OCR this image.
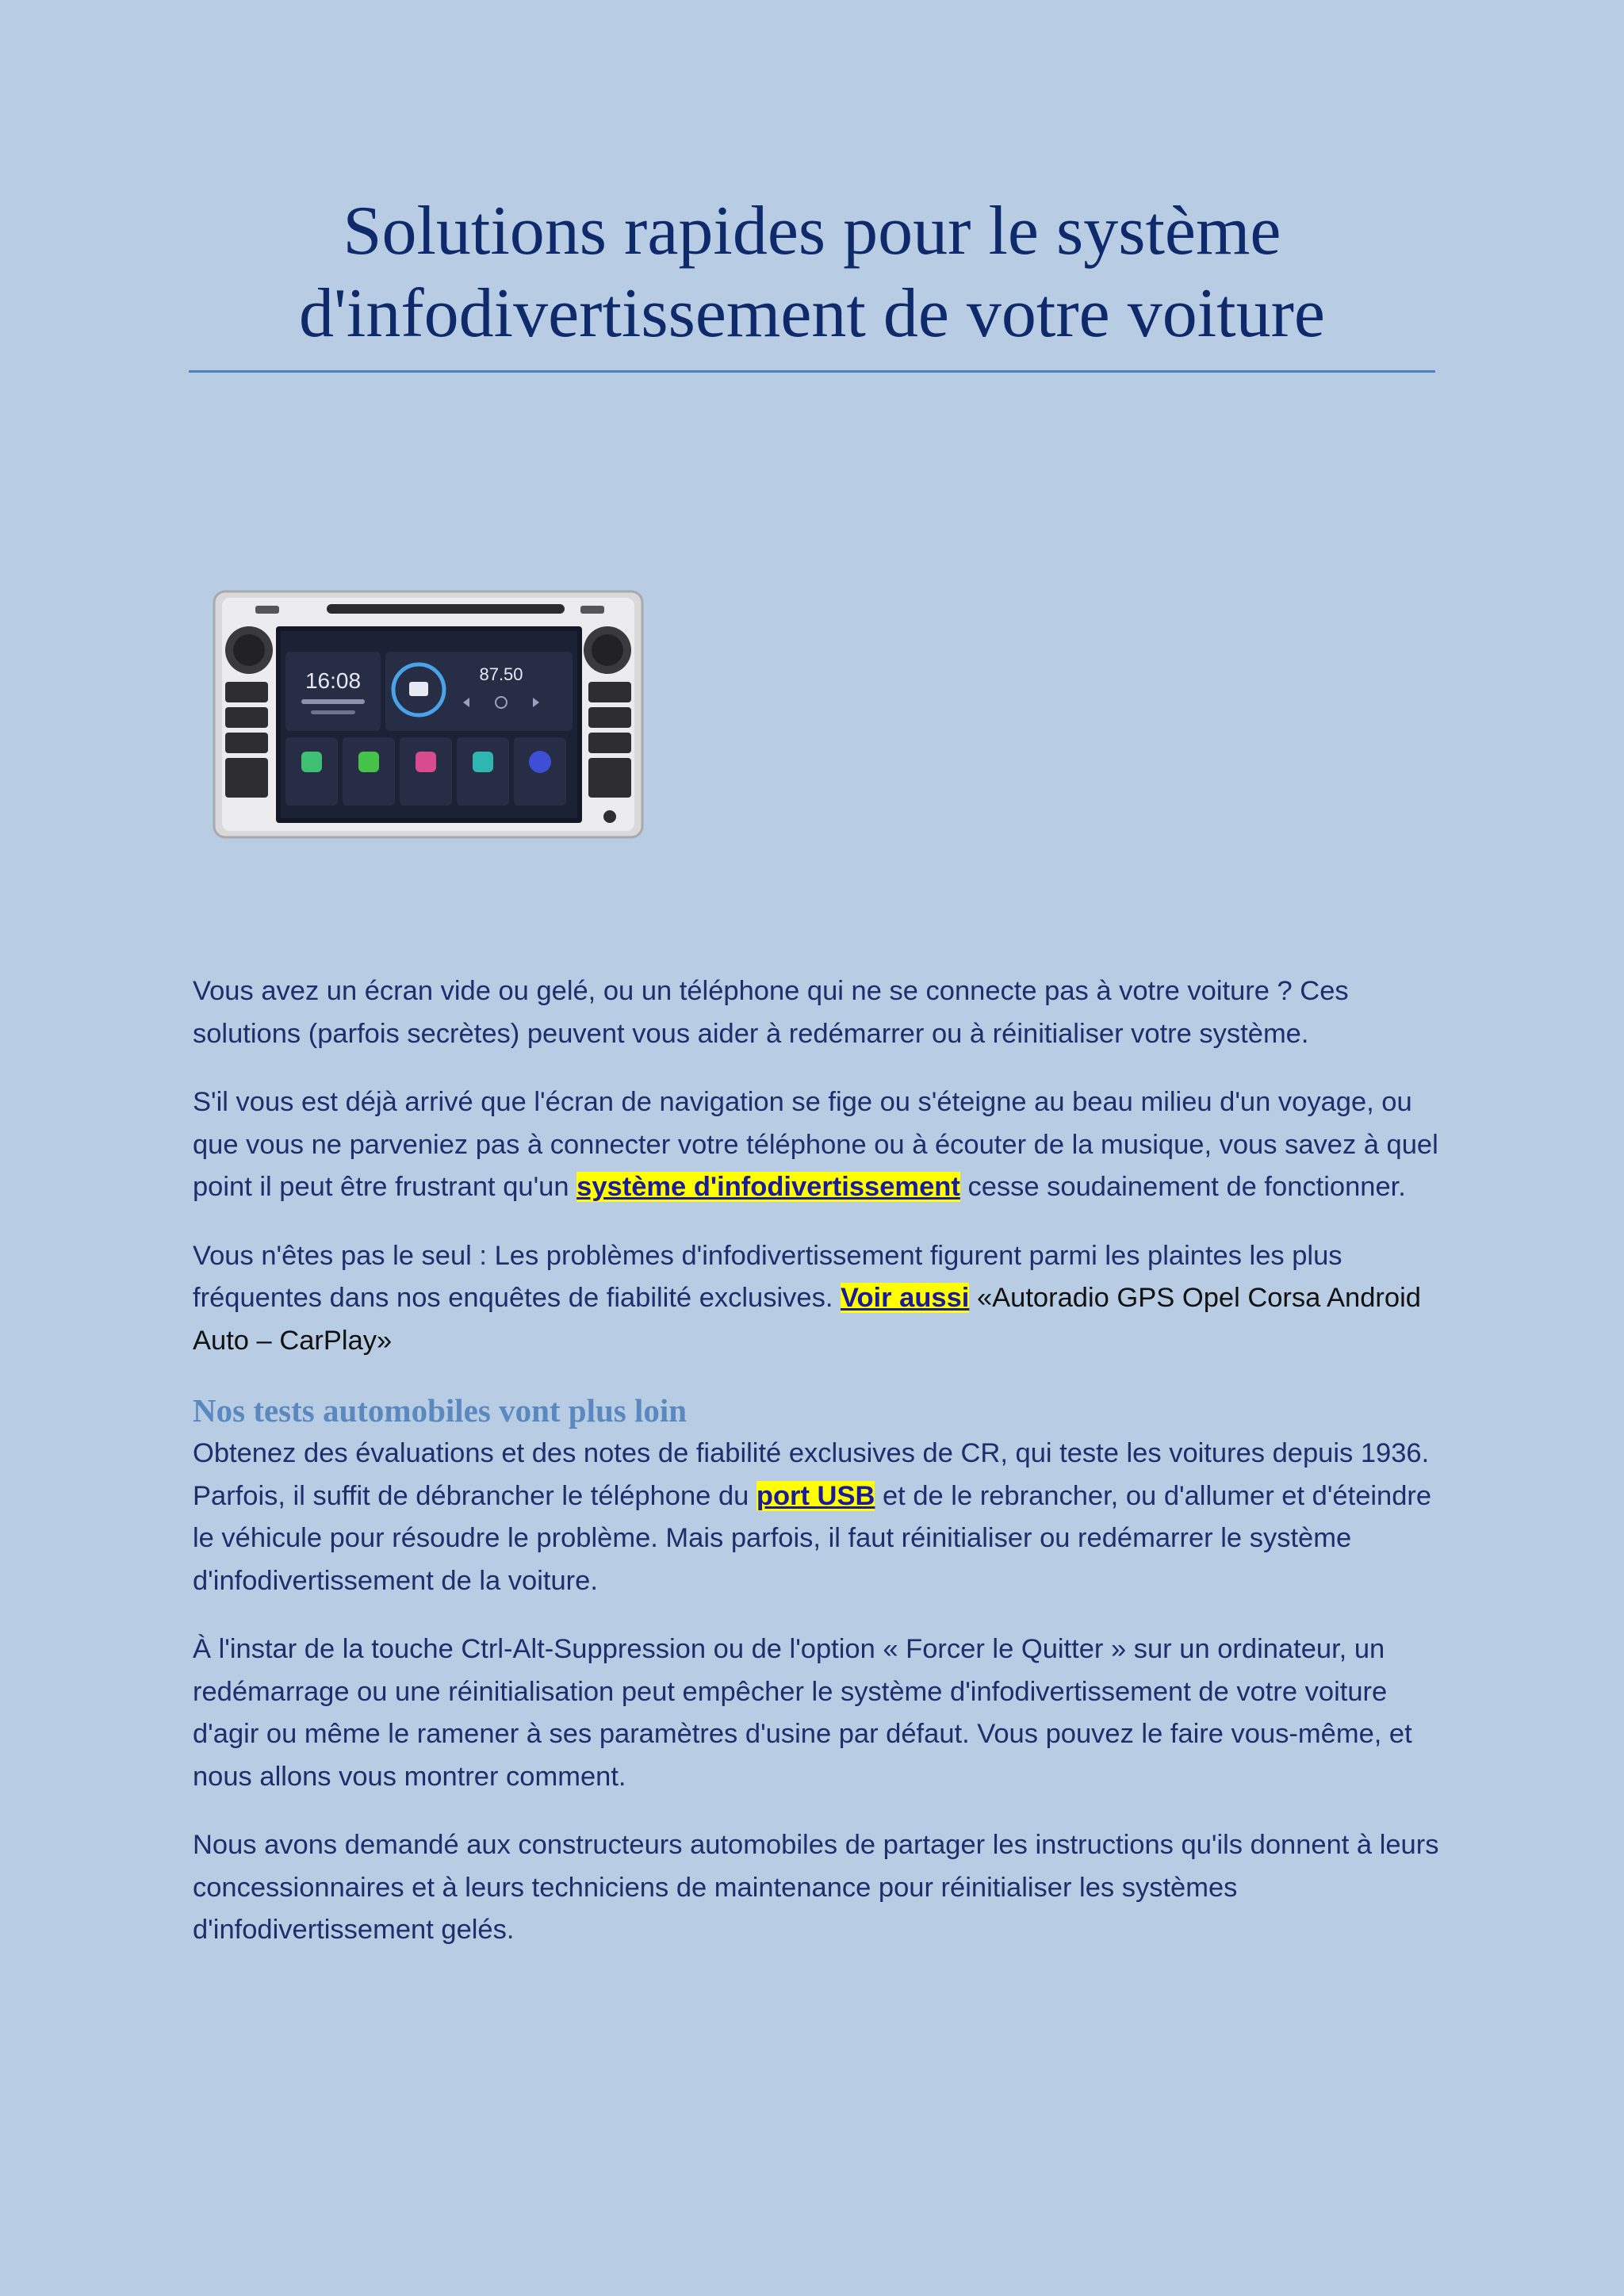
Solutions rapides pour le système d'infodivertissement de votre voiture
16:08	87.50

Vous avez un écran vide ou gelé, ou un téléphone qui ne se connecte pas à votre voiture ? Ces solutions (parfois secrètes) peuvent vous aider à redémarrer ou à réinitialiser votre système.

S'il vous est déjà arrivé que l'écran de navigation se fige ou s'éteigne au beau milieu d'un voyage, ou que vous ne parveniez pas à connecter votre téléphone ou à écouter de la musique, vous savez à quel point il peut être frustrant qu'un système d'infodivertissement cesse soudainement de fonctionner.

Vous n'êtes pas le seul : Les problèmes d'infodivertissement figurent parmi les plaintes les plus fréquentes dans nos enquêtes de fiabilité exclusives. Voir aussi «Autoradio GPS Opel Corsa Android Auto – CarPlay»

Nos tests automobiles vont plus loin

Obtenez des évaluations et des notes de fiabilité exclusives de CR, qui teste les voitures depuis 1936. Parfois, il suffit de débrancher le téléphone du port USB et de le rebrancher, ou d'allumer et d'éteindre le véhicule pour résoudre le problème. Mais parfois, il faut réinitialiser ou redémarrer le système d'infodivertissement de la voiture.

À l'instar de la touche Ctrl-Alt-Suppression ou de l'option « Forcer le Quitter » sur un ordinateur, un redémarrage ou une réinitialisation peut empêcher le système d'infodivertissement de votre voiture d'agir ou même le ramener à ses paramètres d'usine par défaut. Vous pouvez le faire vous-même, et nous allons vous montrer comment.

Nous avons demandé aux constructeurs automobiles de partager les instructions qu'ils donnent à leurs concessionnaires et à leurs techniciens de maintenance pour réinitialiser les systèmes d'infodivertissement gelés.
